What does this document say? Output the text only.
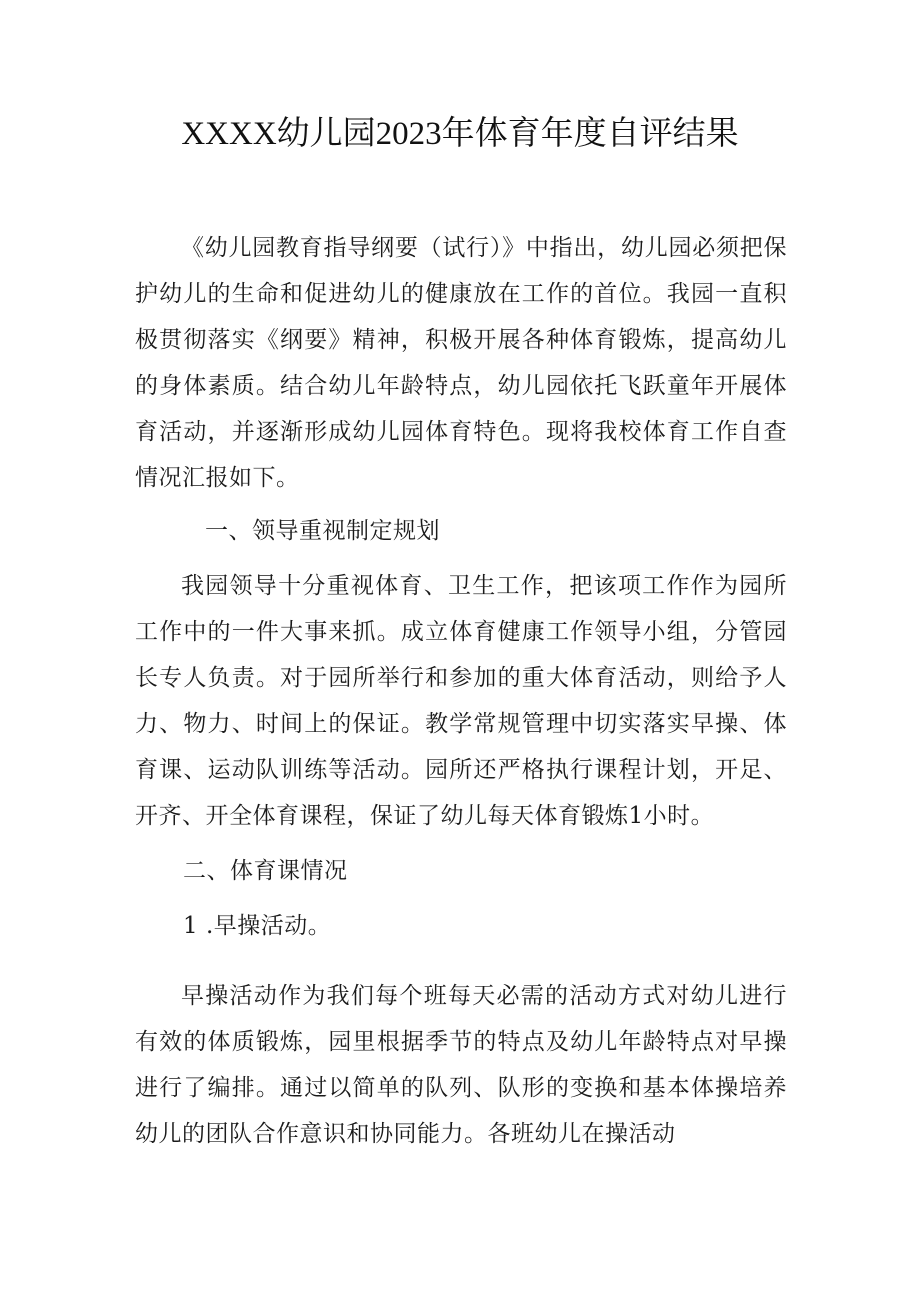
XXXX幼儿园2023年体育年度自评结果
《幼儿园教育指导纲要（试行）》中指出，幼儿园必须把保护幼儿的生命和促进幼儿的健康放在工作的首位。我园一直积极贯彻落实《纲要》精神，积极开展各种体育锻炼，提高幼儿的身体素质。结合幼儿年龄特点，幼儿园依托飞跃童年开展体育活动，并逐渐形成幼儿园体育特色。现将我校体育工作自查情况汇报如下。
一、领导重视制定规划
我园领导十分重视体育、卫生工作，把该项工作作为园所工作中的一件大事来抓。成立体育健康工作领导小组，分管园长专人负责。对于园所举行和参加的重大体育活动，则给予人力、物力、时间上的保证。教学常规管理中切实落实早操、体育课、运动队训练等活动。园所还严格执行课程计划，开足、开齐、开全体育课程，保证了幼儿每天体育锻炼1小时。
二、体育课情况
1 .早操活动。
早操活动作为我们每个班每天必需的活动方式对幼儿进行有效的体质锻炼，园里根据季节的特点及幼儿年龄特点对早操进行了编排。通过以简单的队列、队形的变换和基本体操培养幼儿的团队合作意识和协同能力。各班幼儿在操活动
